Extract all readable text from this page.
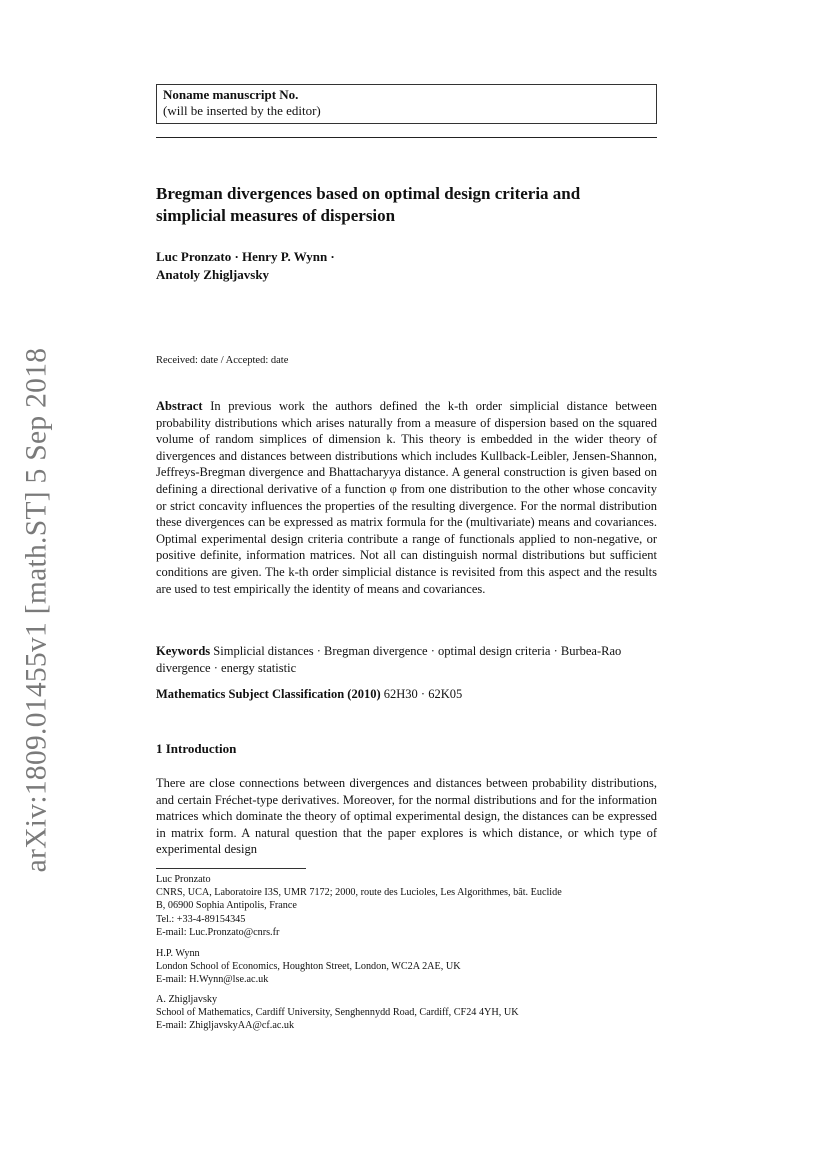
arXiv:1809.01455v1 [math.ST] 5 Sep 2018
Noname manuscript No.
(will be inserted by the editor)
Bregman divergences based on optimal design criteria and
simplicial measures of dispersion
Luc Pronzato · Henry P. Wynn ·
Anatoly Zhigljavsky
Received: date / Accepted: date
Abstract In previous work the authors defined the k-th order simplicial distance between probability distributions which arises naturally from a measure of dispersion based on the squared volume of random simplices of dimension k. This theory is embedded in the wider theory of divergences and distances between distributions which includes Kullback-Leibler, Jensen-Shannon, Jeffreys-Bregman divergence and Bhattacharyya distance. A general construction is given based on defining a directional derivative of a function φ from one distribution to the other whose concavity or strict concavity influences the properties of the resulting divergence. For the normal distribution these divergences can be expressed as matrix formula for the (multivariate) means and covariances. Optimal experimental design criteria contribute a range of functionals applied to non-negative, or positive definite, information matrices. Not all can distinguish normal distributions but sufficient conditions are given. The k-th order simplicial distance is revisited from this aspect and the results are used to test empirically the identity of means and covariances.
Keywords Simplicial distances · Bregman divergence · optimal design criteria · Burbea-Rao divergence · energy statistic
Mathematics Subject Classification (2010) 62H30 · 62K05
1 Introduction
There are close connections between divergences and distances between probability distributions, and certain Fréchet-type derivatives. Moreover, for the normal distributions and for the information matrices which dominate the theory of optimal experimental design, the distances can be expressed in matrix form. A natural question that the paper explores is which distance, or which type of experimental design
Luc Pronzato
CNRS, UCA, Laboratoire I3S, UMR 7172; 2000, route des Lucioles, Les Algorithmes, bât. Euclide
B, 06900 Sophia Antipolis, France
Tel.: +33-4-89154345
E-mail: Luc.Pronzato@cnrs.fr
H.P. Wynn
London School of Economics, Houghton Street, London, WC2A 2AE, UK
E-mail: H.Wynn@lse.ac.uk
A. Zhigljavsky
School of Mathematics, Cardiff University, Senghennydd Road, Cardiff, CF24 4YH, UK
E-mail: ZhigljavskyAA@cf.ac.uk
